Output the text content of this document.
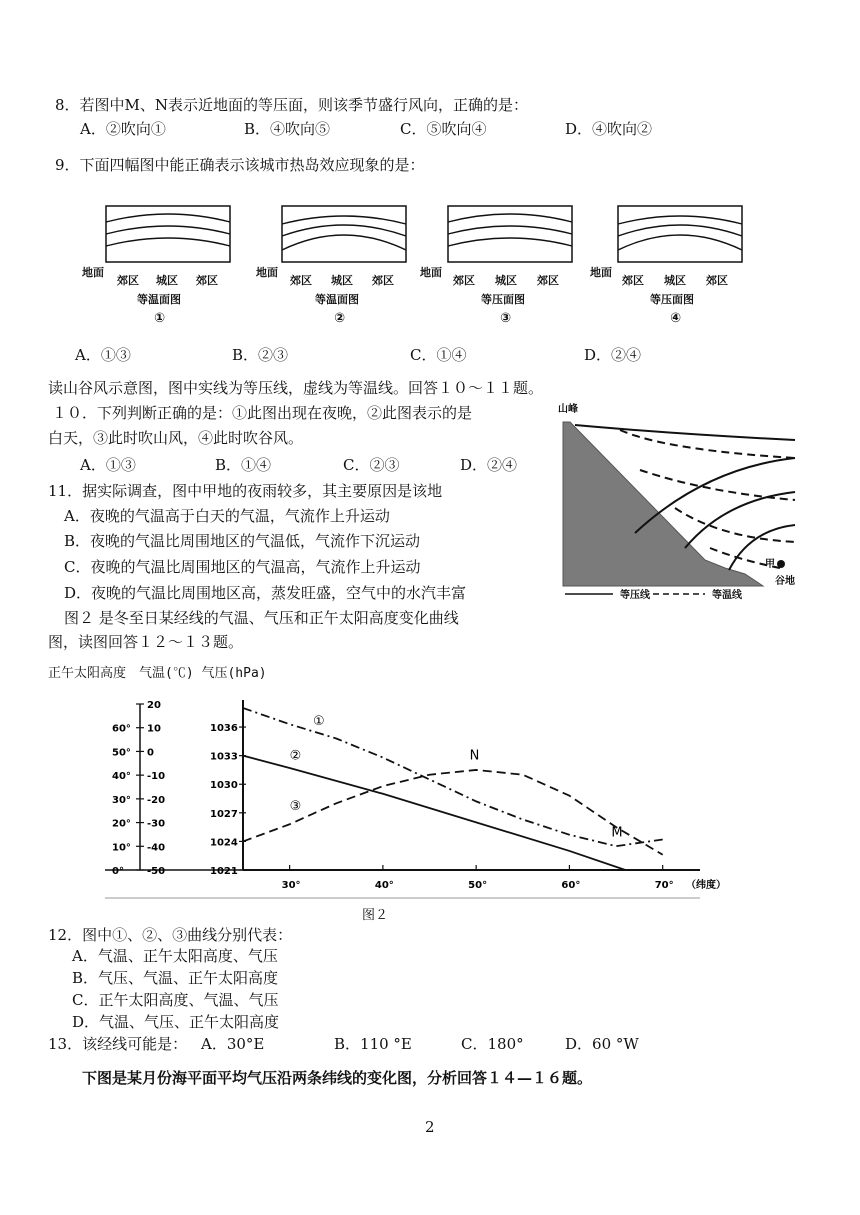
8．若图中M、N表示近地面的等压面，则该季节盛行风向，正确的是：
A．②吹向①	B．④吹向⑤	C．⑤吹向④	D．④吹向②
9．下面四幅图中能正确表示该城市热岛效应现象的是：
地面
郊区 城区 郊区
等温面图
①
地面
郊区 城区 郊区
等温面图
②
地面
郊区 城区 郊区
等压面图
③
地面
郊区 城区 郊区
等压面图
④
A．①③	B．②③	C．①④	D．②④
读山谷风示意图，图中实线为等压线，虚线为等温线。回答１０～１１题。
１０．下列判断正确的是：①此图出现在夜晚，②此图表示的是
白天，③此时吹山风，④此时吹谷风。
A．①③	B．①④	C．②③	D．②④
11．据实际调查，图中甲地的夜雨较多，其主要原因是该地
A．夜晚的气温高于白天的气温，气流作上升运动
B．夜晚的气温比周围地区的气温低，气流作下沉运动
C．夜晚的气温比周围地区的气温高，气流作上升运动
D．夜晚的气温比周围地区高，蒸发旺盛，空气中的水汽丰富
山峰
甲
谷地
等压线	等温线
图２ 是冬至日某经线的气温、气压和正午太阳高度变化曲线
图，读图回答１２～１３题。
正午太阳高度　气温(℃) 气压(hPa)
20
10
0
-10
-20
-30
-40
-50
60°
50°
40°
30°
20°
10°
0°
1036
1033
1030
1027
1024
1021
30°	40°	50°	60°	70° （纬度）
①
②
③
N
M
图２
12．图中①、②、③曲线分别代表：
A．气温、正午太阳高度、气压
B．气压、气温、正午太阳高度
C．正午太阳高度、气温、气压
D．气温、气压、正午太阳高度
13．该经线可能是： A．30°E	B．110 °E	C．180°	D．60 °W
下图是某月份海平面平均气压沿两条纬线的变化图，分析回答１４—１６题。
2
